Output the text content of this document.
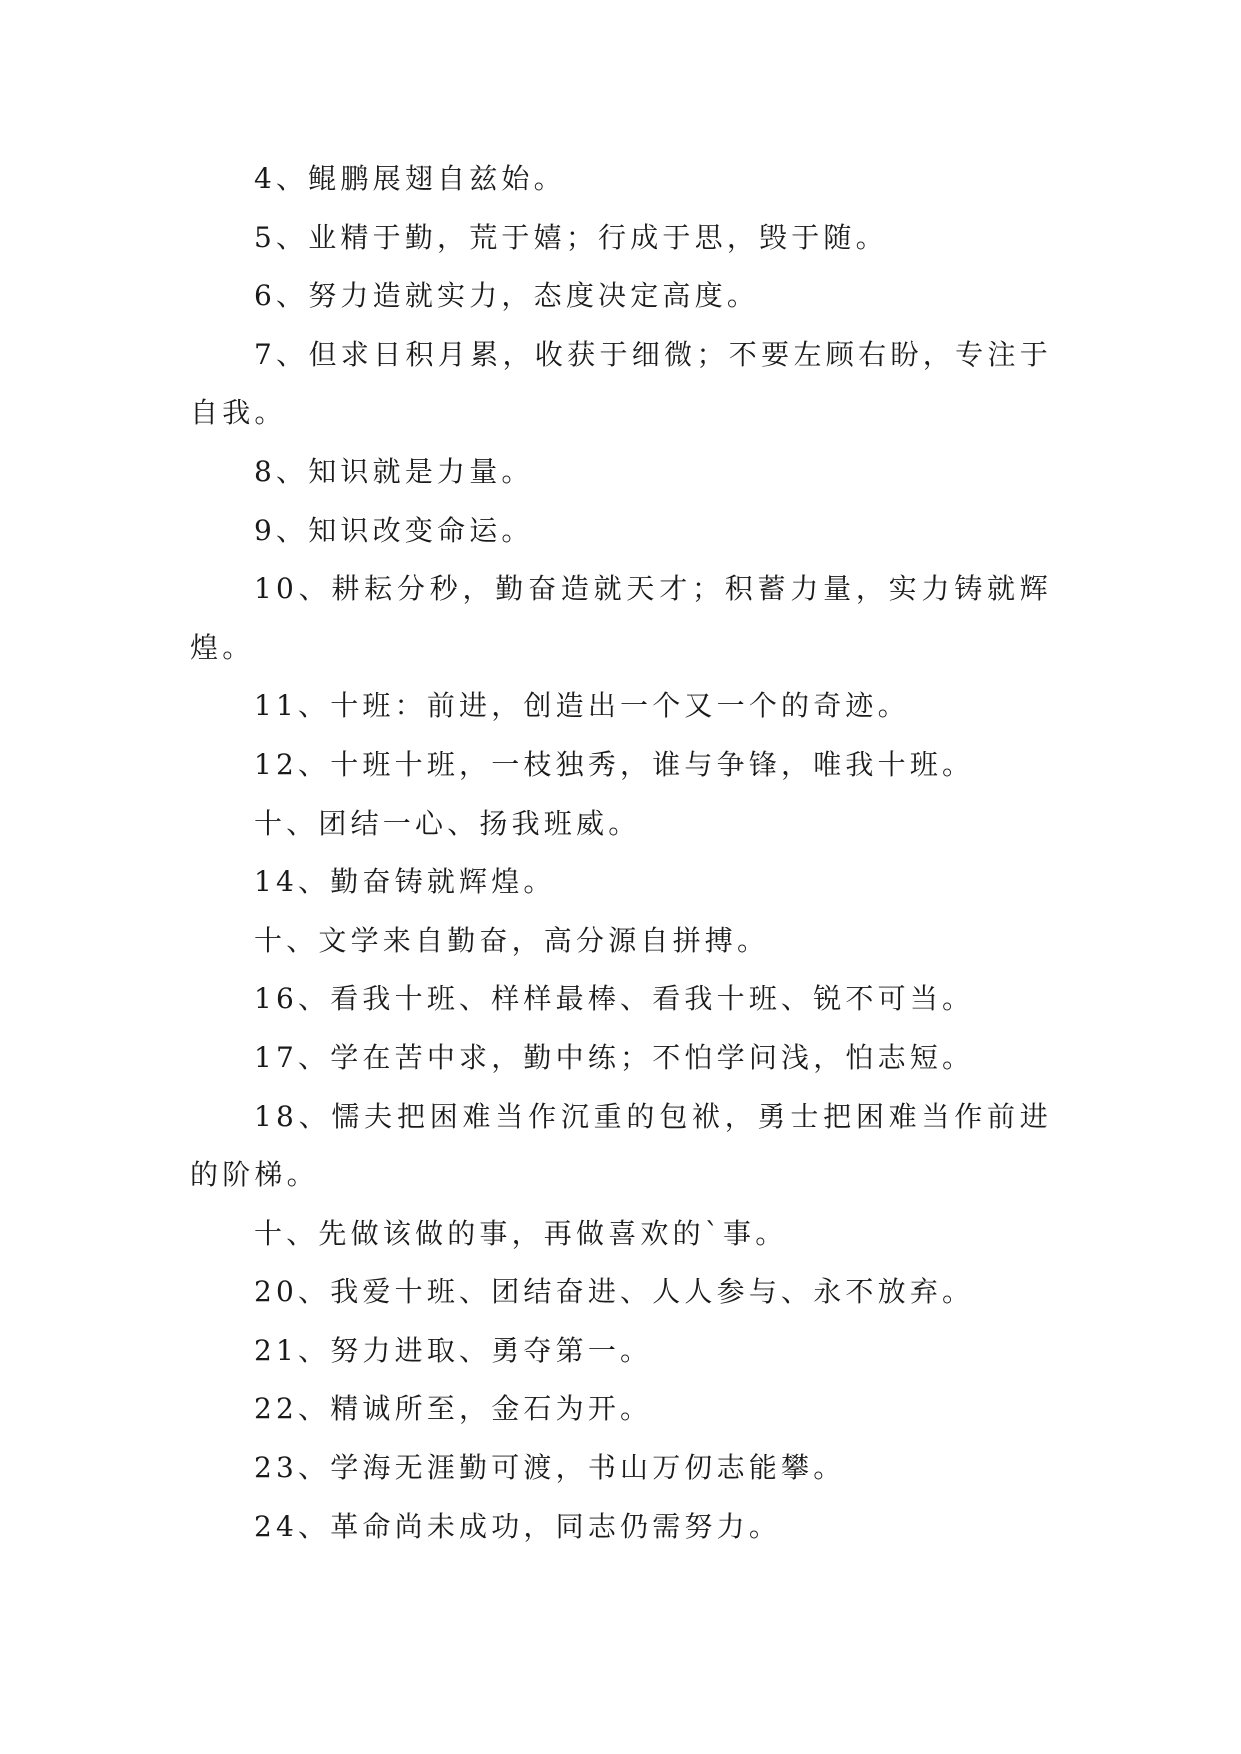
4、鲲鹏展翅自兹始。

5、业精于勤，荒于嬉；行成于思，毁于随。

6、努力造就实力，态度决定高度。

7、但求日积月累，收获于细微；不要左顾右盼，专注于自我。

8、知识就是力量。

9、知识改变命运。

10、耕耘分秒，勤奋造就天才；积蓄力量，实力铸就辉煌。

11、十班：前进，创造出一个又一个的奇迹。

12、十班十班，一枝独秀，谁与争锋，唯我十班。

十、团结一心、扬我班威。

14、勤奋铸就辉煌。

十、文学来自勤奋，高分源自拼搏。

16、看我十班、样样最棒、看我十班、锐不可当。

17、学在苦中求，勤中练；不怕学问浅，怕志短。

18、懦夫把困难当作沉重的包袱，勇士把困难当作前进的阶梯。

十、先做该做的事，再做喜欢的`事。

20、我爱十班、团结奋进、人人参与、永不放弃。

21、努力进取、勇夺第一。

22、精诚所至，金石为开。

23、学海无涯勤可渡，书山万仞志能攀。

24、革命尚未成功，同志仍需努力。
